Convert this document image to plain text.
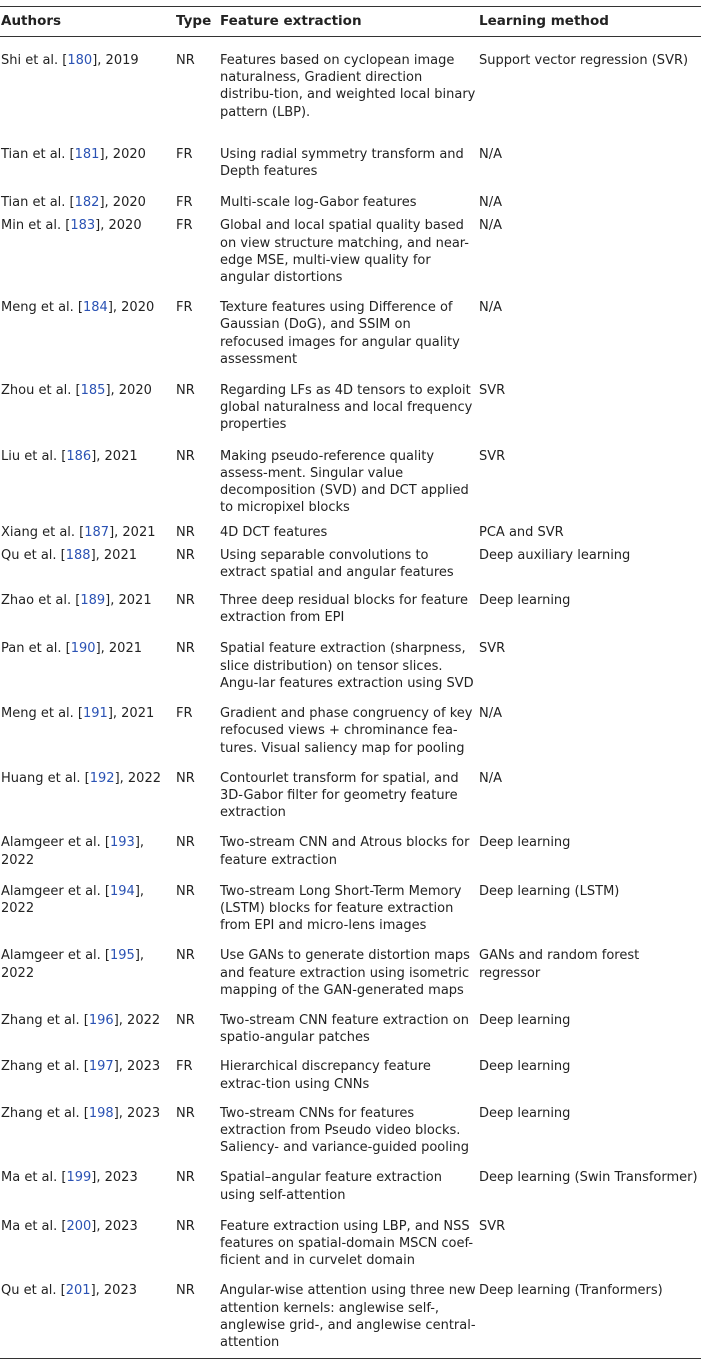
Authors	Type	Feature extraction	Learning method
Shi et al. [180], 2019	NR	Features based on cyclopean image naturalness, Gradient direction distribu-tion, and weighted local binary pattern (LBP).	Support vector regression (SVR)
Tian et al. [181], 2020	FR	Using radial symmetry transform and Depth features	N/A
Tian et al. [182], 2020	FR	Multi-scale log-Gabor features	N/A
Min et al. [183], 2020	FR	Global and local spatial quality based on view structure matching, and near-edge MSE, multi-view quality for angular distortions	N/A
Meng et al. [184], 2020	FR	Texture features using Difference of Gaussian (DoG), and SSIM on refocused images for angular quality assessment	N/A
Zhou et al. [185], 2020	NR	Regarding LFs as 4D tensors to exploit global naturalness and local frequency properties	SVR
Liu et al. [186], 2021	NR	Making pseudo-reference quality assess-ment. Singular value decomposition (SVD) and DCT applied to micropixel blocks	SVR
Xiang et al. [187], 2021	NR	4D DCT features	PCA and SVR
Qu et al. [188], 2021	NR	Using separable convolutions to extract spatial and angular features	Deep auxiliary learning
Zhao et al. [189], 2021	NR	Three deep residual blocks for feature extraction from EPI	Deep learning
Pan et al. [190], 2021	NR	Spatial feature extraction (sharpness, slice distribution) on tensor slices. Angu-lar features extraction using SVD	SVR
Meng et al. [191], 2021	FR	Gradient and phase congruency of key refocused views + chrominance fea-tures. Visual saliency map for pooling	N/A
Huang et al. [192], 2022	NR	Contourlet transform for spatial, and 3D-Gabor filter for geometry feature extraction	N/A
Alamgeer et al. [193], 2022	NR	Two-stream CNN and Atrous blocks for feature extraction	Deep learning
Alamgeer et al. [194], 2022	NR	Two-stream Long Short-Term Memory (LSTM) blocks for feature extraction from EPI and micro-lens images	Deep learning (LSTM)
Alamgeer et al. [195], 2022	NR	Use GANs to generate distortion maps and feature extraction using isometric mapping of the GAN-generated maps	GANs and random forest regressor
Zhang et al. [196], 2022	NR	Two-stream CNN feature extraction on spatio-angular patches	Deep learning
Zhang et al. [197], 2023	FR	Hierarchical discrepancy feature extrac-tion using CNNs	Deep learning
Zhang et al. [198], 2023	NR	Two-stream CNNs for features extraction from Pseudo video blocks. Saliency- and variance-guided pooling	Deep learning
Ma et al. [199], 2023	NR	Spatial–angular feature extraction using self-attention	Deep learning (Swin Transformer)
Ma et al. [200], 2023	NR	Feature extraction using LBP, and NSS features on spatial-domain MSCN coef-ficient and in curvelet domain	SVR
Qu et al. [201], 2023	NR	Angular-wise attention using three new attention kernels: anglewise self-, anglewise grid-, and anglewise central-attention	Deep learning (Tranformers)
